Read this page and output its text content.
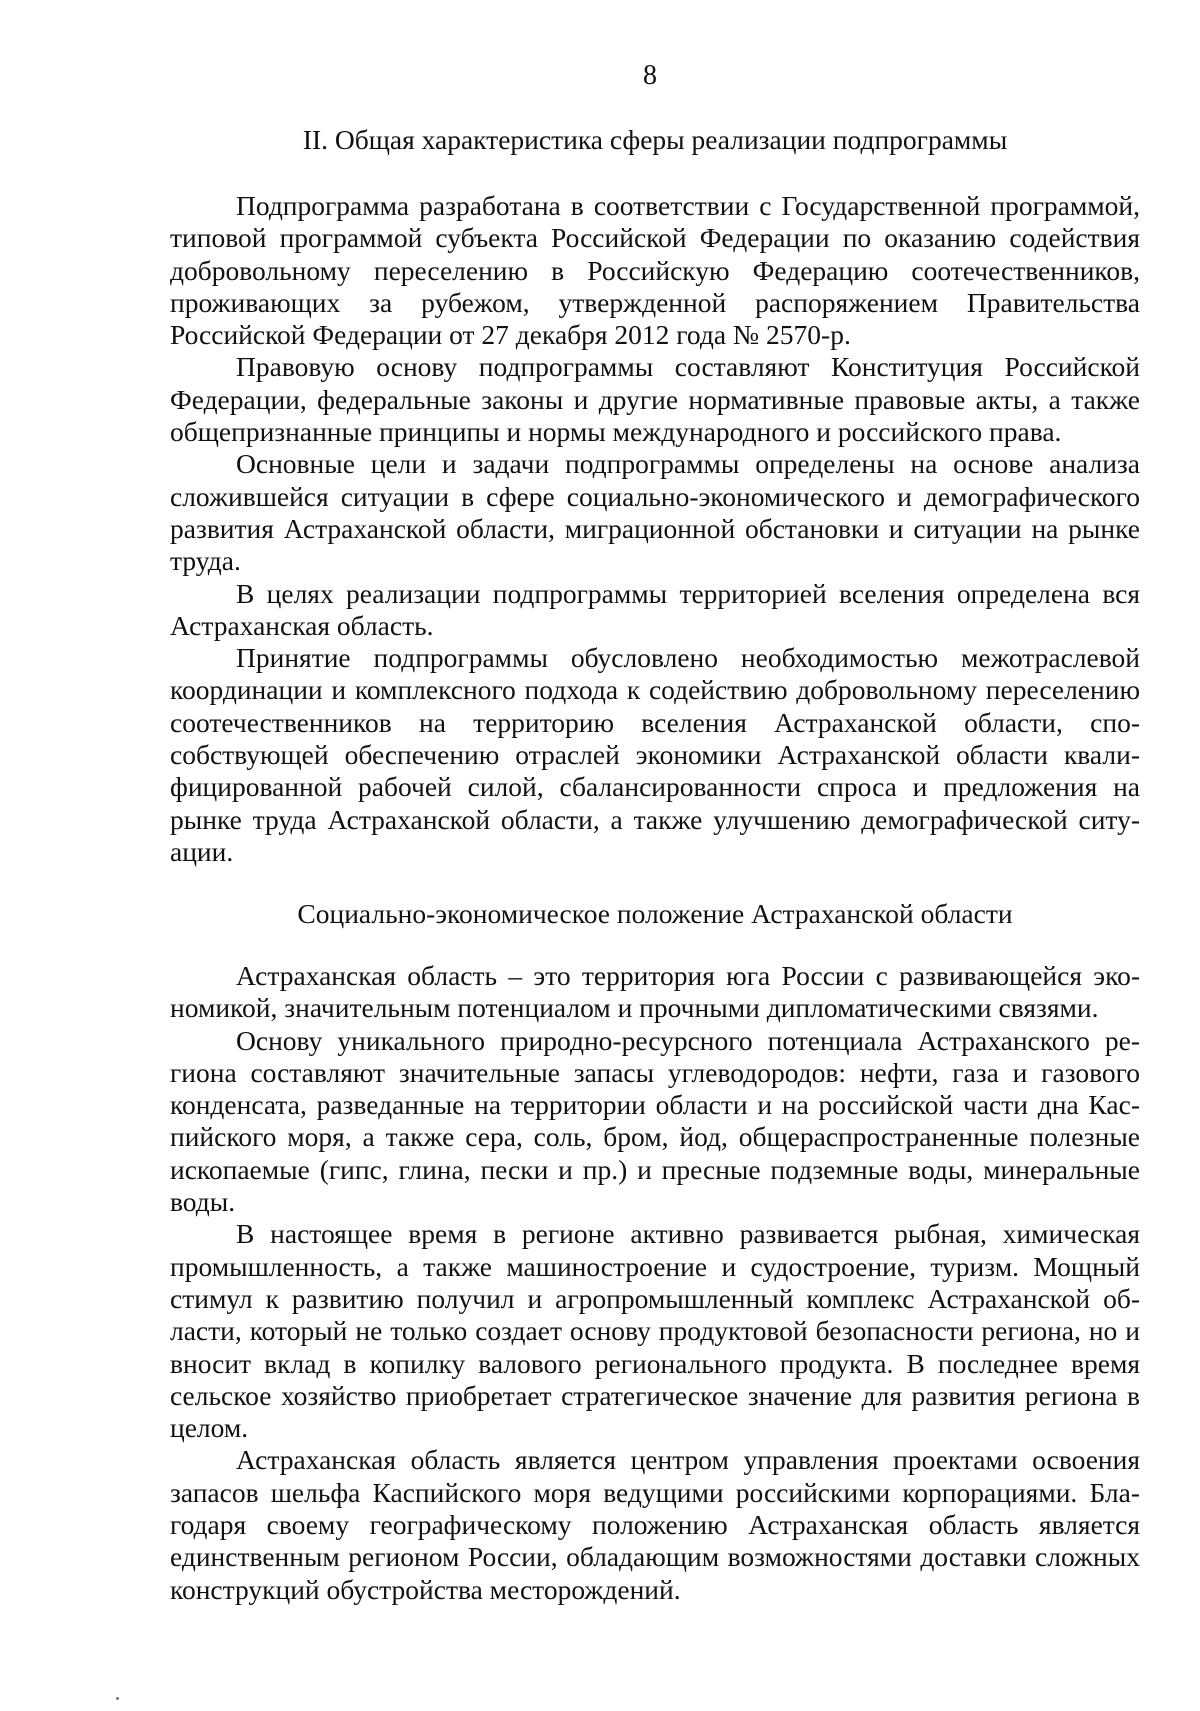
8
II. Общая характеристика сферы реализации подпрограммы

Подпрограмма разработана в соответствии с Государственной программой, типовой программой субъекта Российской Федерации по оказанию содействия добровольному переселению в Российскую Федерацию соотечественников, проживающих за рубежом, утвержденной распоряжением Правительства Российской Федерации от 27 декабря 2012 года № 2570-р.

Правовую основу подпрограммы составляют Конституция Российской Федерации, федеральные законы и другие нормативные правовые акты, а также общепризнанные принципы и нормы международного и российского права.

Основные цели и задачи подпрограммы определены на основе анализа сложившейся ситуации в сфере социально-экономического и демографического развития Астраханской области, миграционной обстановки и ситуации на рынке труда.

В целях реализации подпрограммы территорией вселения определена вся Астраханская область.

Принятие подпрограммы обусловлено необходимостью межотраслевой координации и комплексного подхода к содействию добровольному переселению соотечественников на территорию вселения Астраханской области, способствующей обеспечению отраслей экономики Астраханской области квалифицированной рабочей силой, сбалансированности спроса и предложения на рынке труда Астраханской области, а также улучшению демографической ситуации.

Социально-экономическое положение Астраханской области

Астраханская область – это территория юга России с развивающейся экономикой, значительным потенциалом и прочными дипломатическими связями.

Основу уникального природно-ресурсного потенциала Астраханского региона составляют значительные запасы углеводородов: нефти, газа и газового конденсата, разведанные на территории области и на российской части дна Каспийского моря, а также сера, соль, бром, йод, общераспространенные полезные ископаемые (гипс, глина, пески и пр.) и пресные подземные воды, минеральные воды.

В настоящее время в регионе активно развивается рыбная, химическая промышленность, а также машиностроение и судостроение, туризм. Мощный стимул к развитию получил и агропромышленный комплекс Астраханской области, который не только создает основу продуктовой безопасности региона, но и вносит вклад в копилку валового регионального продукта. В последнее время сельское хозяйство приобретает стратегическое значение для развития региона в целом.

Астраханская область является центром управления проектами освоения запасов шельфа Каспийского моря ведущими российскими корпорациями. Благодаря своему географическому положению Астраханская область является единственным регионом России, обладающим возможностями доставки сложных конструкций обустройства месторождений.
